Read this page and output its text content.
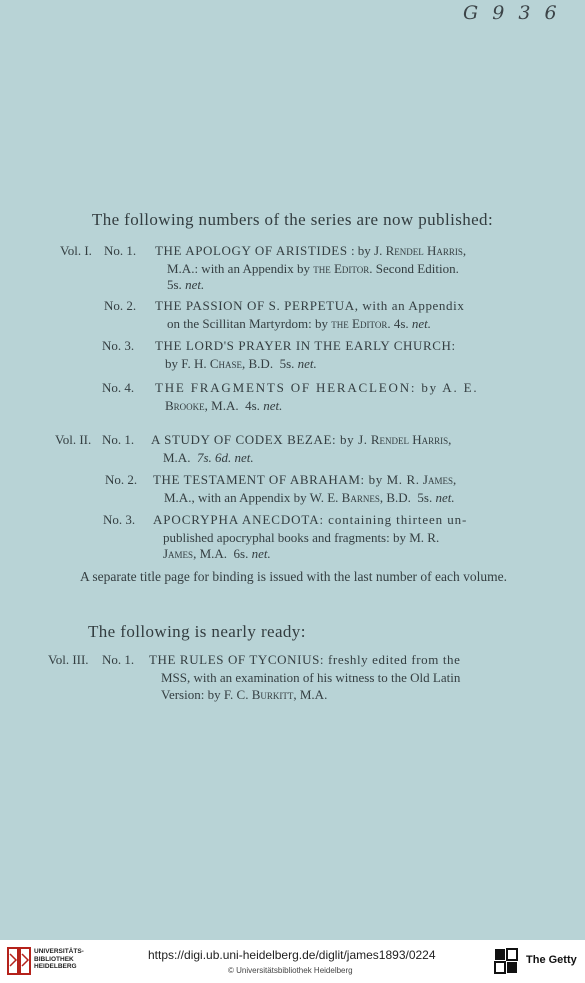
G 9 3 6
The following numbers of the series are now published:
Vol. I. No. 1. THE APOLOGY OF ARISTIDES : by J. Rendel Harris,
M.A.: with an Appendix by the Editor. Second Edition.
5s. net.
No. 2. THE PASSION OF S. PERPETUA, with an Appendix
on the Scillitan Martyrdom: by the Editor. 4s. net.
No. 3. THE LORD'S PRAYER IN THE EARLY CHURCH:
by F. H. Chase, B.D. 5s. net.
No. 4. THE FRAGMENTS OF HERACLEON: by A. E.
Brooke, M.A. 4s. net.
Vol. II. No. 1. A STUDY OF CODEX BEZAE: by J. Rendel Harris,
M.A. 7s. 6d. net.
No. 2. THE TESTAMENT OF ABRAHAM: by M. R. James,
M.A., with an Appendix by W. E. Barnes, B.D. 5s. net.
No. 3. APOCRYPHA ANECDOTA: containing thirteen un-
published apocryphal books and fragments: by M. R.
James, M.A. 6s. net.
A separate title page for binding is issued with the last number of each volume.
The following is nearly ready:
Vol. III. No. 1. THE RULES OF TYCONIUS: freshly edited from the
MSS, with an examination of his witness to the Old Latin
Version: by F. C. Burkitt, M.A.
UNIVERSITÄTS-
BIBLIOTHEK
HEIDELBERG
https://digi.ub.uni-heidelberg.de/diglit/james1893/0224
© Universitätsbibliothek Heidelberg
The Getty
